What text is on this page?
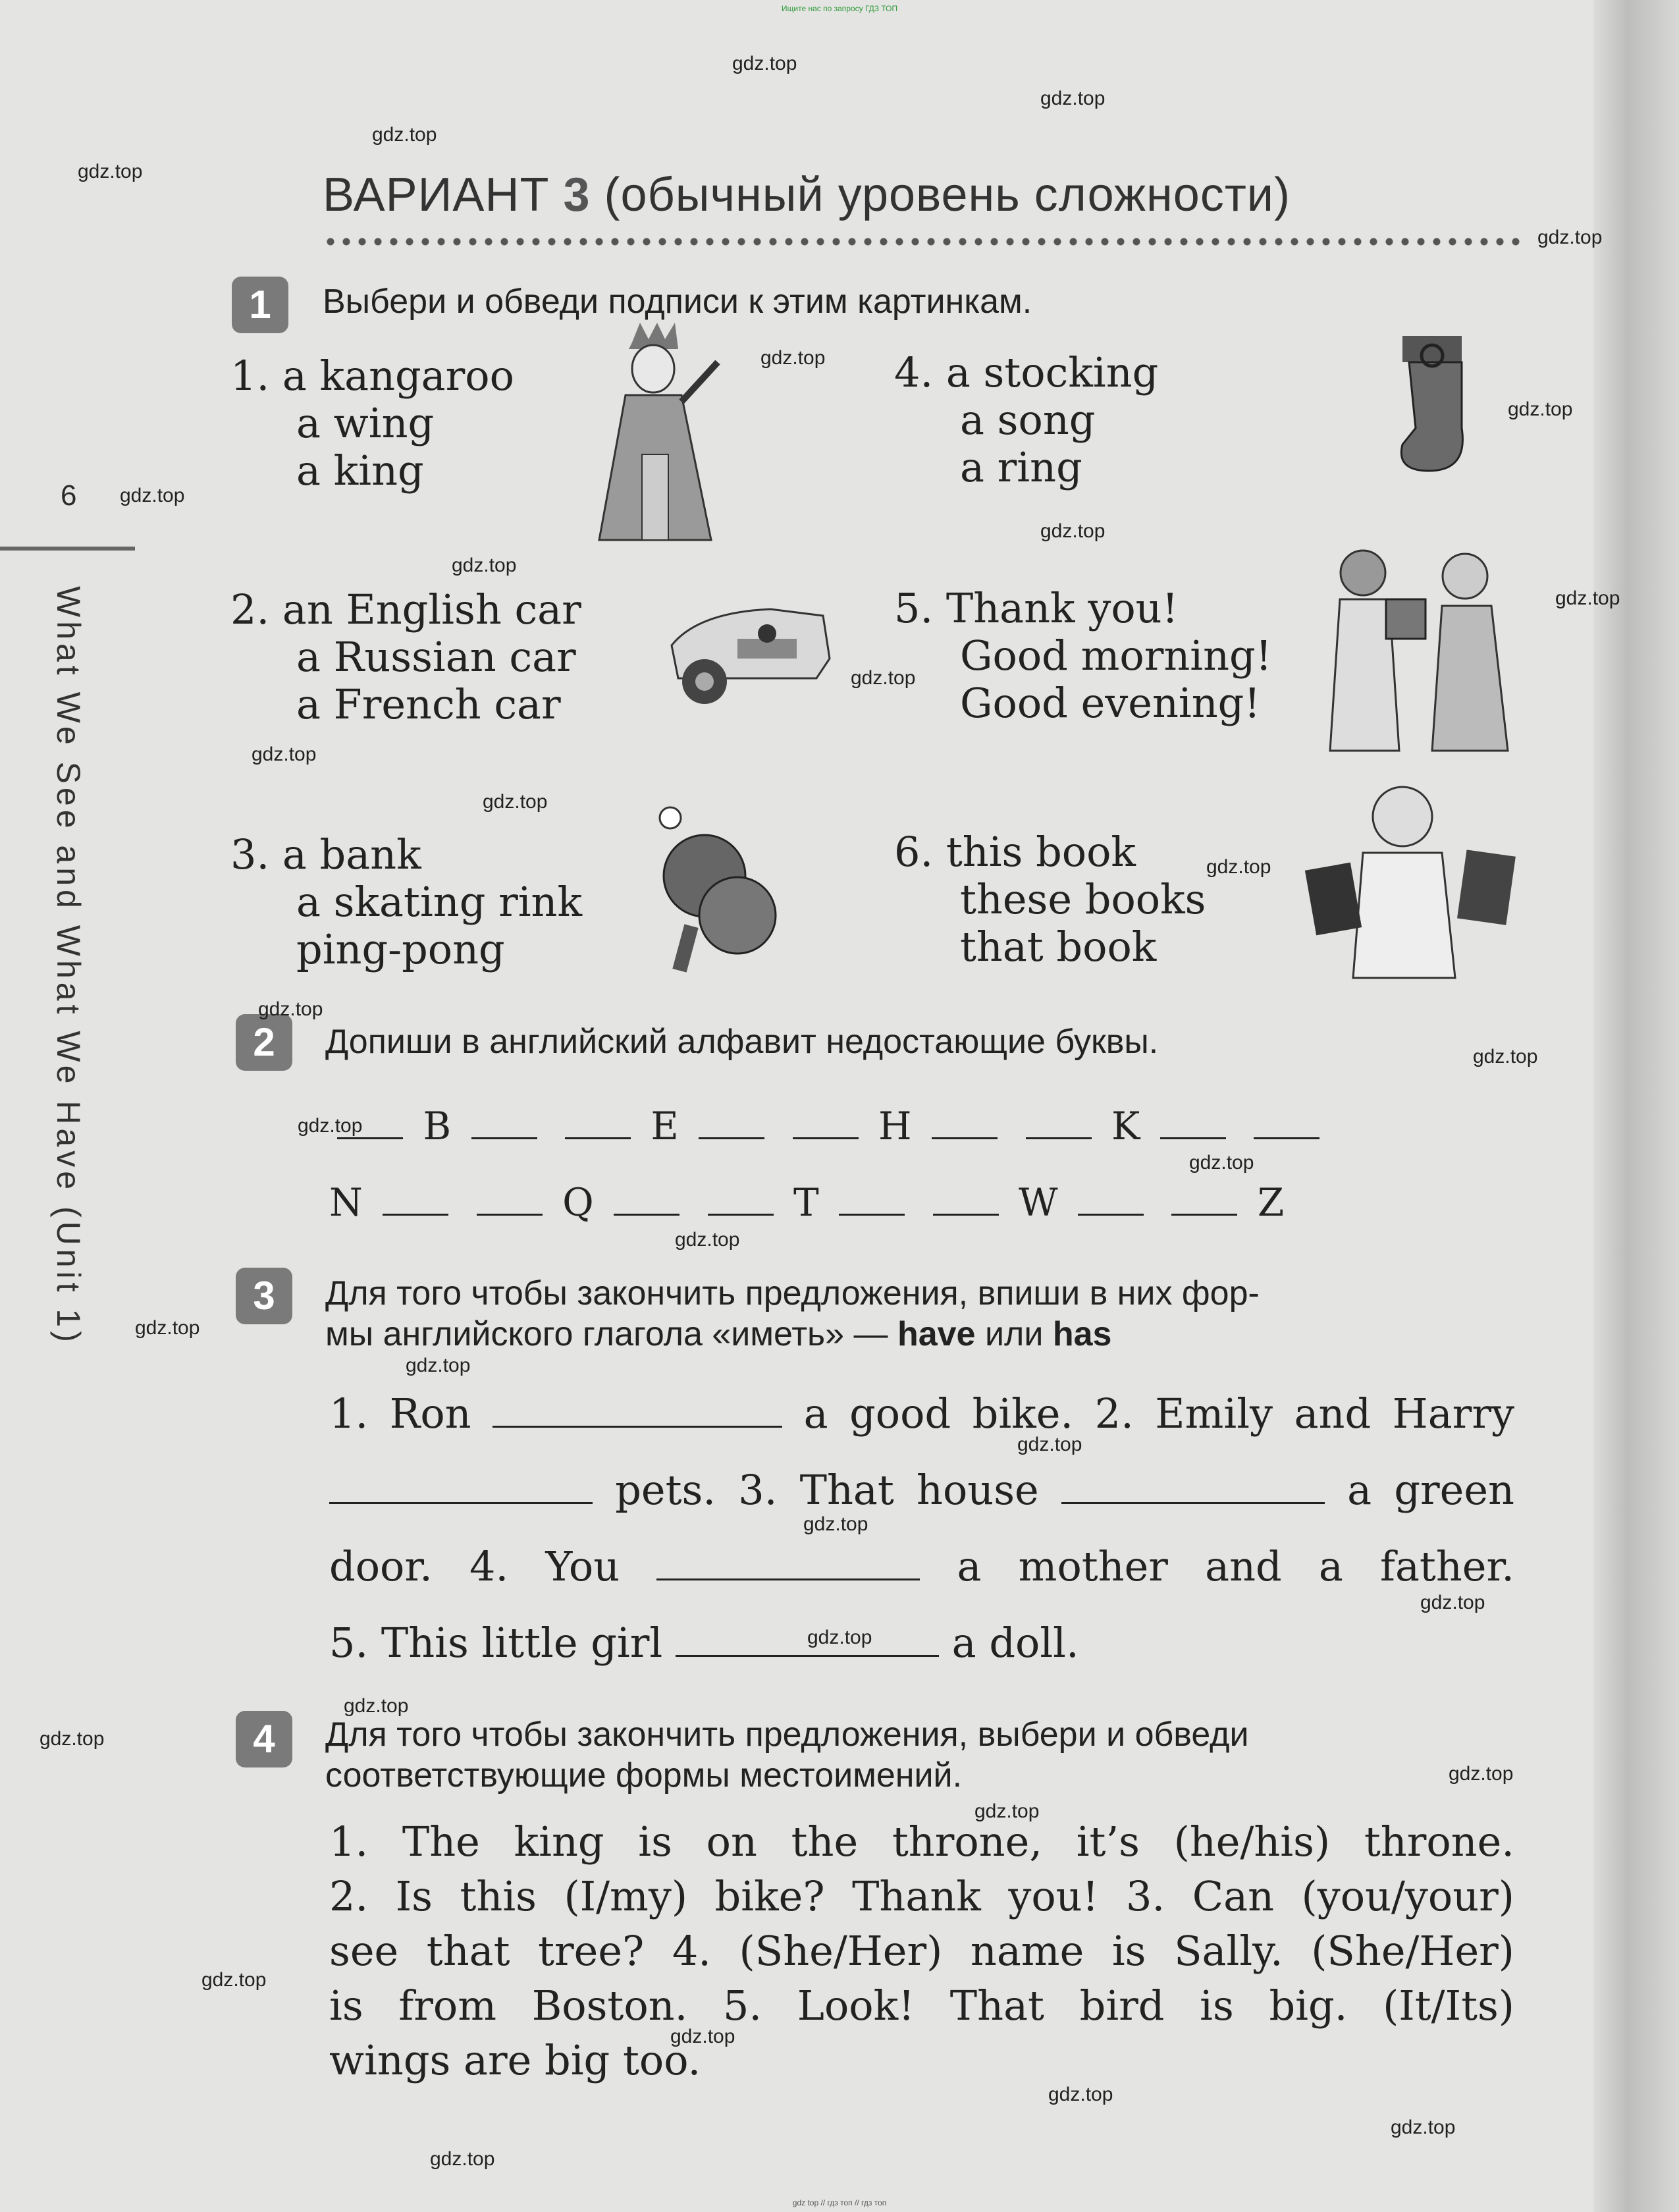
Ищите нас по запросу ГДЗ ТОП
6
What We See and What We Have (Unit 1)
ВАРИАНТ 3 (обычный уровень сложности)
1	Выбери и обведи подписи к этим картинкам.
1. a kangaroo
a wing
a king
2. an English car
a Russian car
a French car
3. a bank
a skating rink
ping-pong
4. a stocking
a song
a ring
5. Thank you!
Good morning!
Good evening!
6. this book
these books
that book
2	Допиши в английский алфавит недостающие буквы.
B	E	H	K
N	Q	T	W	Z
3	Для того чтобы закончить предложения, впиши в них фор-
мы английского глагола «иметь» — have или has
1. Ron	a good bike. 2. Emily and Harry
pets. 3. That house	a green
door. 4. You	a mother and a father.
5. This little girl	a doll.
4	Для того чтобы закончить предложения, выбери и обведи
соответствующие формы местоимений.
1. The king is on the throne, it’s (he/his) throne.
2. Is this (I/my) bike? Thank you! 3. Can (you/your)
see that tree? 4. (She/Her) name is Sally. (She/Her)
is from Boston. 5. Look! That bird is big. (It/Its)
wings are big too.
gdz.top
gdz.top
gdz.top
gdz.top
gdz.top
gdz.top
gdz.top
gdz.top
gdz.top
gdz.top
gdz.top
gdz.top
gdz.top
gdz.top
gdz.top
gdz.top
gdz.top
gdz.top
gdz.top
gdz.top
gdz.top
gdz.top
gdz.top
gdz.top
gdz.top
gdz.top
gdz.top
gdz.top
gdz.top
gdz.top
gdz.top
gdz.top
gdz.top
gdz.top
gdz.top
gdz top // гдз топ // гдз топ
